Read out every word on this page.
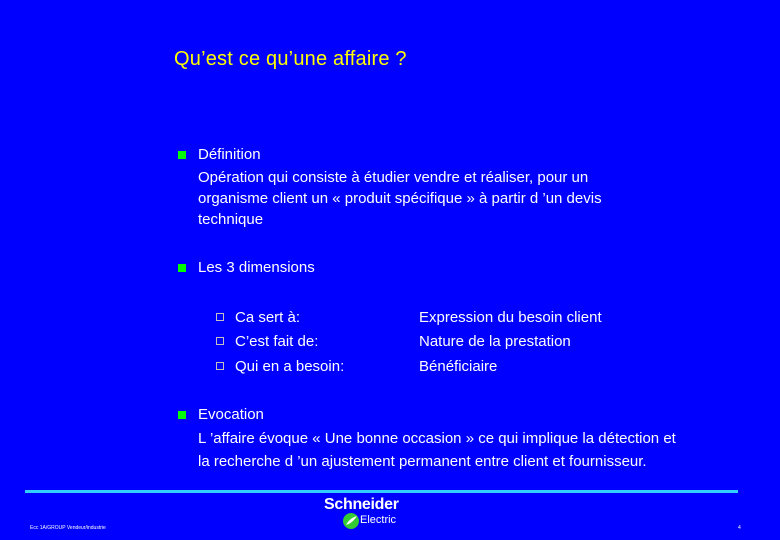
Qu’est ce qu’une affaire ?
Définition
Opération qui consiste à étudier vendre et réaliser, pour un
organisme client un « produit spécifique » à partir d ’un devis
technique
Les 3 dimensions
Ca sert à:	Expression du besoin client
C’est fait de:	Nature de la prestation
Qui en a besoin:	Bénéficiaire
Evocation
L ’affaire évoque « Une bonne occasion » ce qui implique la détection et
la recherche d ’un ajustement permanent entre client et fournisseur.
Ecc 1A/GROUP Vendeur/industrie	4
Schneider
Electric
